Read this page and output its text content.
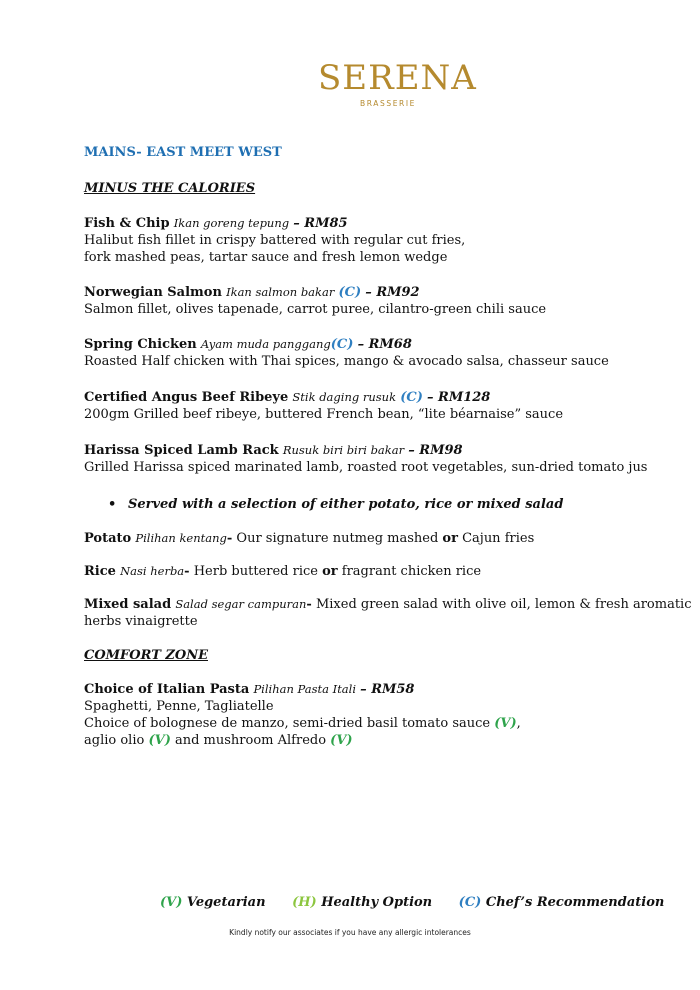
SERENA
BRASSERIE
MAINS- EAST MEET WEST
MINUS THE CALORIES
Fish & Chip Ikan goreng tepung – RM85
Halibut fish fillet in crispy battered with regular cut fries,
fork mashed peas, tartar sauce and fresh lemon wedge
Norwegian Salmon Ikan salmon bakar (C) – RM92
Salmon fillet, olives tapenade, carrot puree, cilantro-green chili sauce
Spring Chicken Ayam muda panggang(C) – RM68
Roasted Half chicken with Thai spices, mango & avocado salsa, chasseur sauce
Certified Angus Beef Ribeye Stik daging rusuk (C) – RM128
200gm Grilled beef ribeye, buttered French bean, “lite béarnaise” sauce
Harissa Spiced Lamb Rack Rusuk biri biri bakar – RM98
Grilled Harissa spiced marinated lamb, roasted root vegetables, sun-dried tomato jus
• Served with a selection of either potato, rice or mixed salad
Potato Pilihan kentang- Our signature nutmeg mashed or Cajun fries
Rice Nasi herba- Herb buttered rice or fragrant chicken rice
Mixed salad Salad segar campuran- Mixed green salad with olive oil, lemon & fresh aromatic
herbs vinaigrette
COMFORT ZONE
Choice of Italian Pasta Pilihan Pasta Itali – RM58
Spaghetti, Penne, Tagliatelle
Choice of bolognese de manzo, semi-dried basil tomato sauce (V),
aglio olio (V) and mushroom Alfredo (V)
(V) Vegetarian (H) Healthy Option (C) Chef’s Recommendation
Kindly notify our associates if you have any allergic intolerances
